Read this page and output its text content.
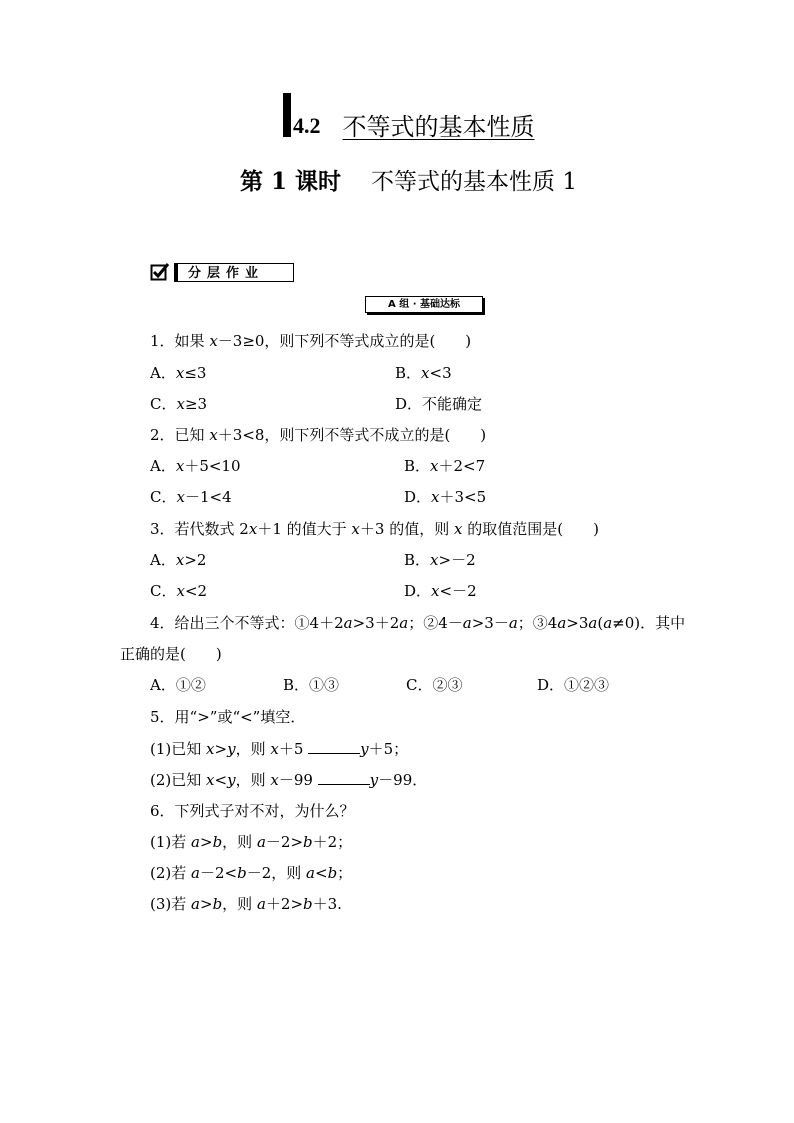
4.2 不等式的基本性质
第 1 课时 不等式的基本性质 1
分层作业
A 组 · 基础达标
1．如果 x－3≥0，则下列不等式成立的是(　　)
A．x≤3	B．x<3
C．x≥3	D．不能确定
2．已知 x＋3<8，则下列不等式不成立的是(　　)
A．x＋5<10	B．x＋2<7
C．x－1<4	D．x＋3<5
3．若代数式 2x＋1 的值大于 x＋3 的值，则 x 的取值范围是(　　)
A．x>2	B．x>－2
C．x<2	D．x<－2
4．给出三个不等式：①4＋2a>3＋2a；②4－a>3－a；③4a>3a(a≠0)．其中
正确的是(　　)
A．①②	B．①③	C．②③	D．①②③
5．用“>”或“<”填空．
(1)已知 x>y，则 x＋5	y＋5；
(2)已知 x<y，则 x－99	y－99．
6．下列式子对不对，为什么？
(1)若 a>b，则 a－2>b＋2；
(2)若 a－2<b－2，则 a<b；
(3)若 a>b，则 a＋2>b＋3.
